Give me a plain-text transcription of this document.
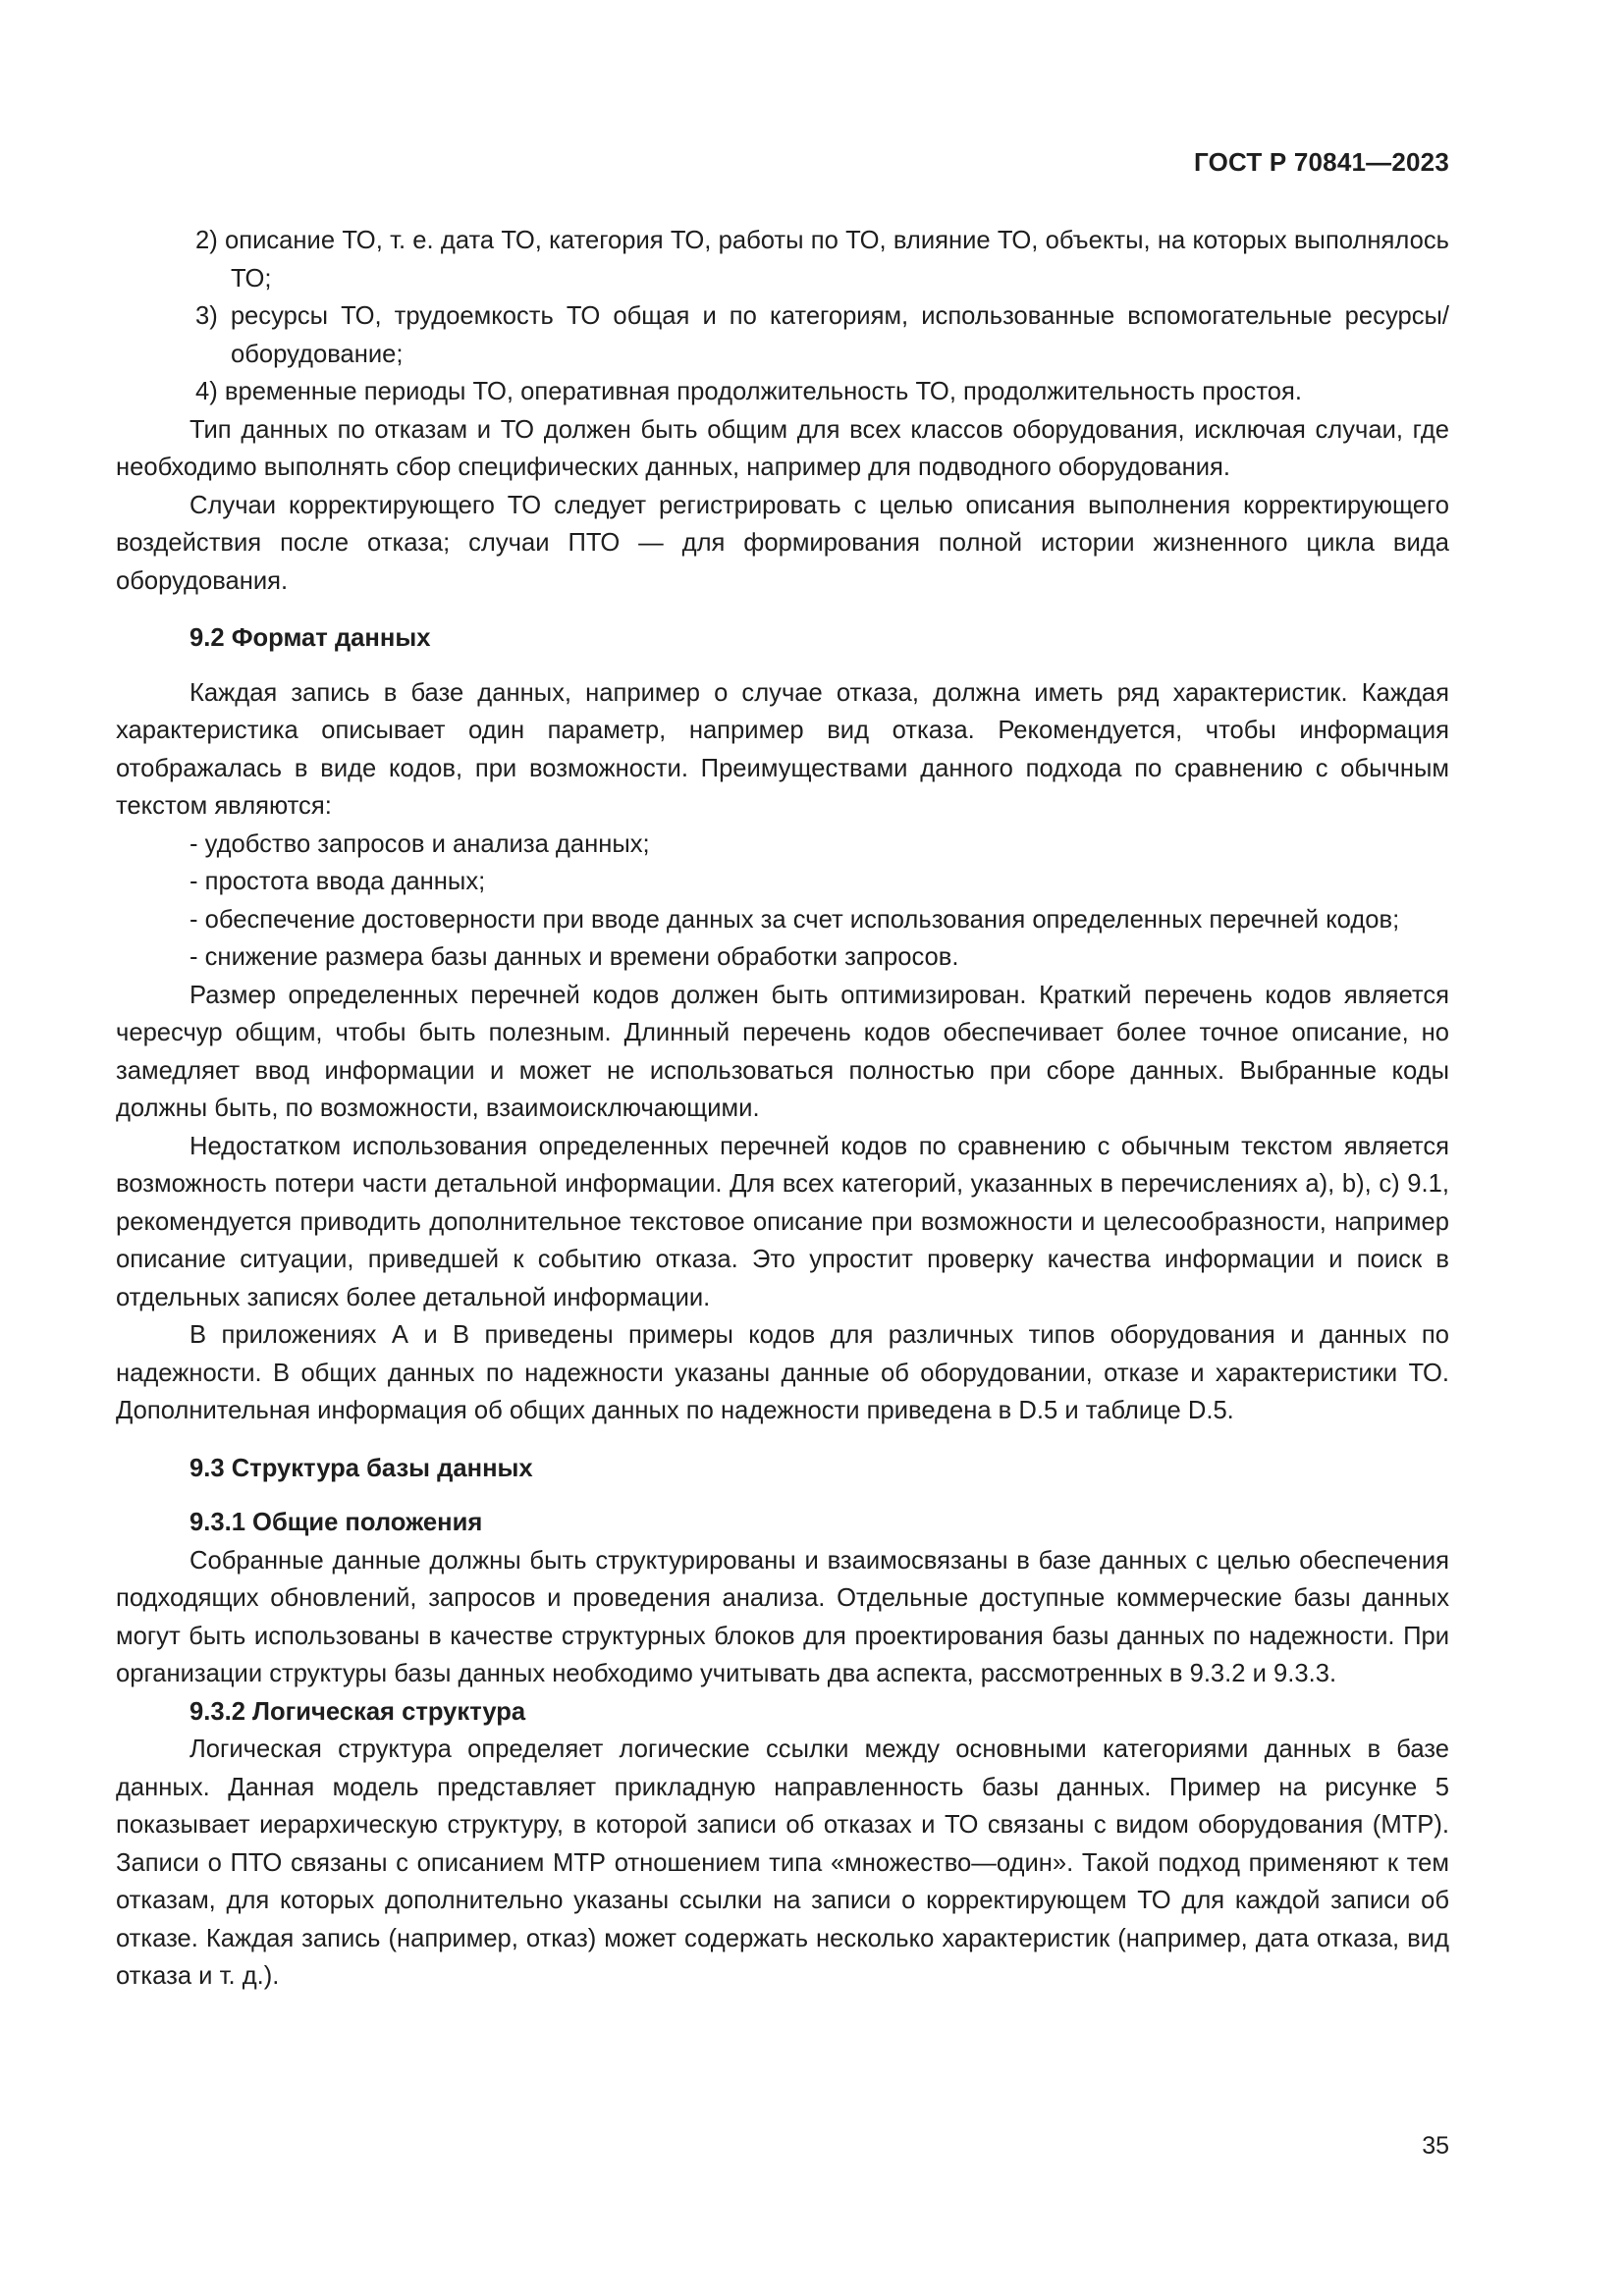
ГОСТ Р 70841—2023

2) описание ТО, т. е. дата ТО, категория ТО, работы по ТО, влияние ТО, объекты, на которых выполнялось ТО;

3) ресурсы ТО, трудоемкость ТО общая и по категориям, использованные вспомогательные ресурсы/оборудование;

4) временные периоды ТО, оперативная продолжительность ТО, продолжительность простоя.

Тип данных по отказам и ТО должен быть общим для всех классов оборудования, исключая случаи, где необходимо выполнять сбор специфических данных, например для подводного оборудования.

Случаи корректирующего ТО следует регистрировать с целью описания выполнения корректирующего воздействия после отказа; случаи ПТО — для формирования полной истории жизненного цикла вида оборудования.

9.2 Формат данных

Каждая запись в базе данных, например о случае отказа, должна иметь ряд характеристик. Каждая характеристика описывает один параметр, например вид отказа. Рекомендуется, чтобы информация отображалась в виде кодов, при возможности. Преимуществами данного подхода по сравнению с обычным текстом являются:

- удобство запросов и анализа данных;

- простота ввода данных;

- обеспечение достоверности при вводе данных за счет использования определенных перечней кодов;

- снижение размера базы данных и времени обработки запросов.

Размер определенных перечней кодов должен быть оптимизирован. Краткий перечень кодов является чересчур общим, чтобы быть полезным. Длинный перечень кодов обеспечивает более точное описание, но замедляет ввод информации и может не использоваться полностью при сборе данных. Выбранные коды должны быть, по возможности, взаимоисключающими.

Недостатком использования определенных перечней кодов по сравнению с обычным текстом является возможность потери части детальной информации. Для всех категорий, указанных в перечислениях a), b), c) 9.1, рекомендуется приводить дополнительное текстовое описание при возможности и целесообразности, например описание ситуации, приведшей к событию отказа. Это упростит проверку качества информации и поиск в отдельных записях более детальной информации.

В приложениях А и В приведены примеры кодов для различных типов оборудования и данных по надежности. В общих данных по надежности указаны данные об оборудовании, отказе и характеристики ТО. Дополнительная информация об общих данных по надежности приведена в D.5 и таблице D.5.

9.3 Структура базы данных

9.3.1 Общие положения

Собранные данные должны быть структурированы и взаимосвязаны в базе данных с целью обеспечения подходящих обновлений, запросов и проведения анализа. Отдельные доступные коммерческие базы данных могут быть использованы в качестве структурных блоков для проектирования базы данных по надежности. При организации структуры базы данных необходимо учитывать два аспекта, рассмотренных в 9.3.2 и 9.3.3.

9.3.2 Логическая структура

Логическая структура определяет логические ссылки между основными категориями данных в базе данных. Данная модель представляет прикладную направленность базы данных. Пример на рисунке 5 показывает иерархическую структуру, в которой записи об отказах и ТО связаны с видом оборудования (МТР). Записи о ПТО связаны с описанием МТР отношением типа «множество—один». Такой подход применяют к тем отказам, для которых дополнительно указаны ссылки на записи о корректирующем ТО для каждой записи об отказе. Каждая запись (например, отказ) может содержать несколько характеристик (например, дата отказа, вид отказа и т. д.).

35
